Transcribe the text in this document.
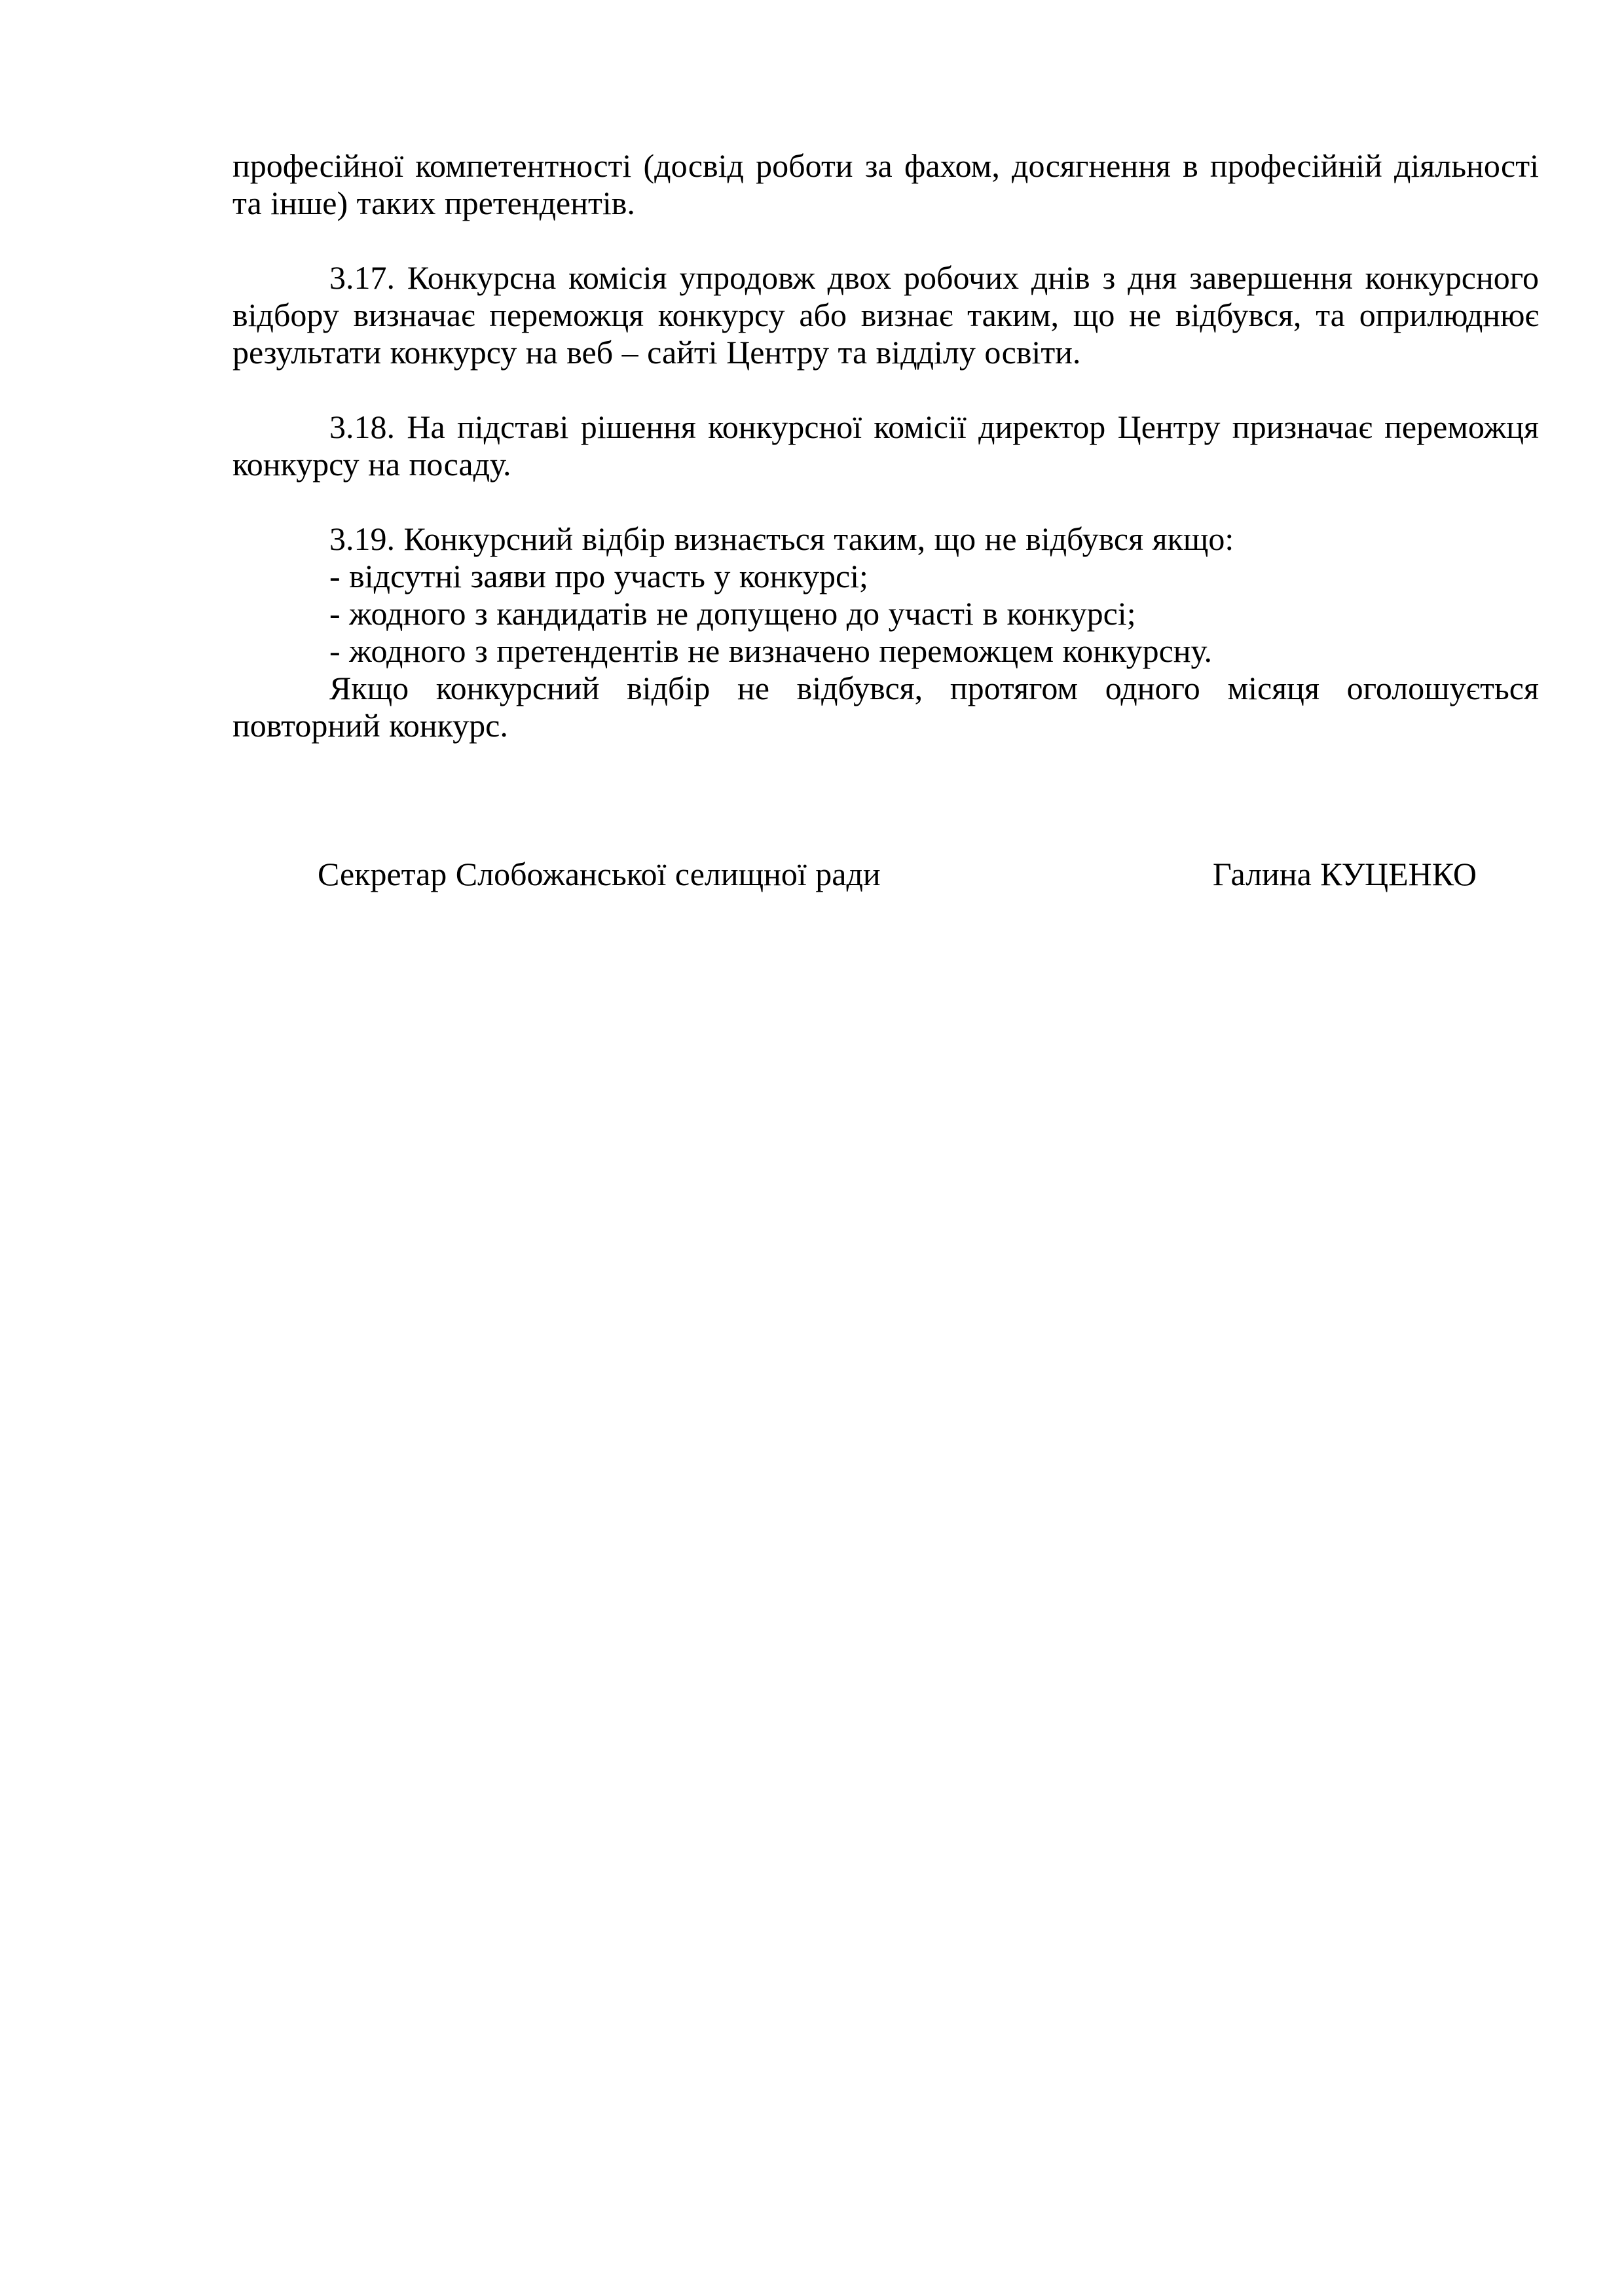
професійної компетентності (досвід роботи за фахом, досягнення в професійній діяльності та інше) таких претендентів.

3.17. Конкурсна комісія упродовж двох робочих днів з дня завершення конкурсного відбору визначає переможця конкурсу або визнає таким, що не відбувся, та оприлюднює результати конкурсу на веб – сайті Центру та відділу освіти.

3.18. На підставі рішення конкурсної комісії директор Центру призначає переможця конкурсу на посаду.

3.19. Конкурсний відбір визнається таким, що не відбувся якщо:

- відсутні заяви про участь у конкурсі;

- жодного з кандидатів не допущено до участі в конкурсі;

- жодного з претендентів не визначено переможцем конкурсну.

Якщо конкурсний відбір не відбувся, протягом одного місяця оголошується повторний конкурс.

Секретар Слобожанської селищної ради	Галина КУЦЕНКО
